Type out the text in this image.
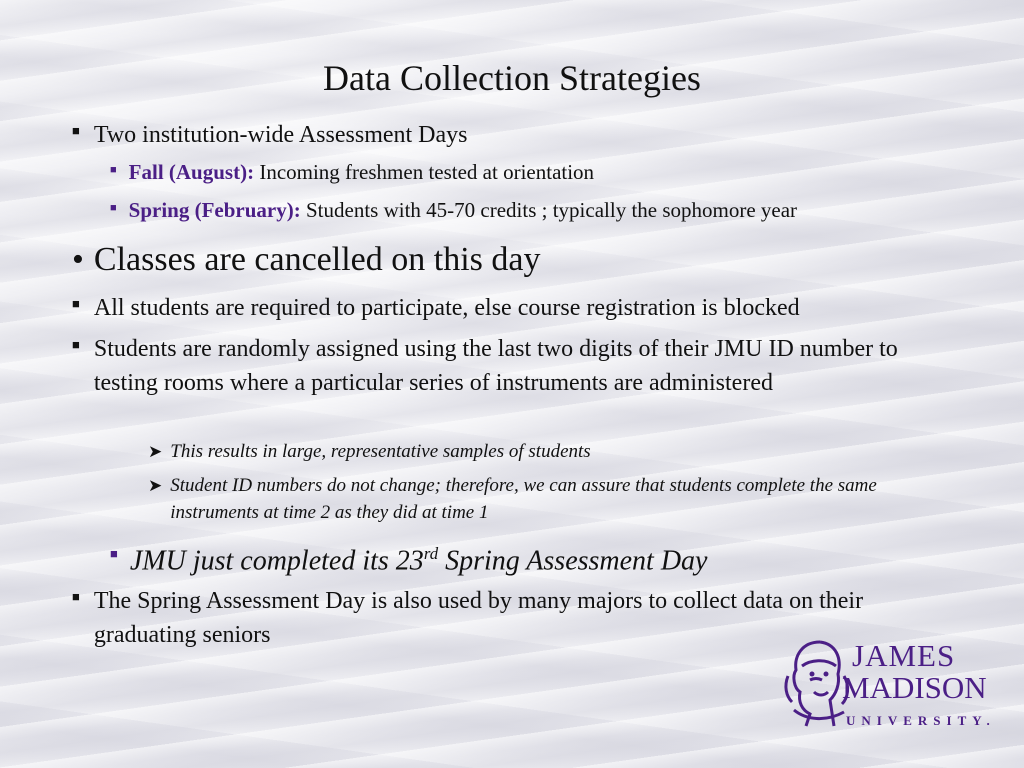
Data Collection Strategies
■ Two institution-wide Assessment Days
■ Fall (August): Incoming freshmen tested at orientation
■ Spring (February): Students with 45-70 credits ; typically the sophomore year
• Classes are cancelled on this day
■ All students are required to participate, else course registration is blocked
■ Students are randomly assigned using the last two digits of their JMU ID number to testing rooms where a particular series of instruments are administered
➤ This results in large, representative samples of students
➤ Student ID numbers do not change; therefore, we can assure that students complete the same instruments at time 2 as they did at time 1
■ JMU just completed its 23rd Spring Assessment Day
■ The Spring Assessment Day is also used by many majors to collect data on their graduating seniors
JAMES
MADISON
UNIVERSITY.
